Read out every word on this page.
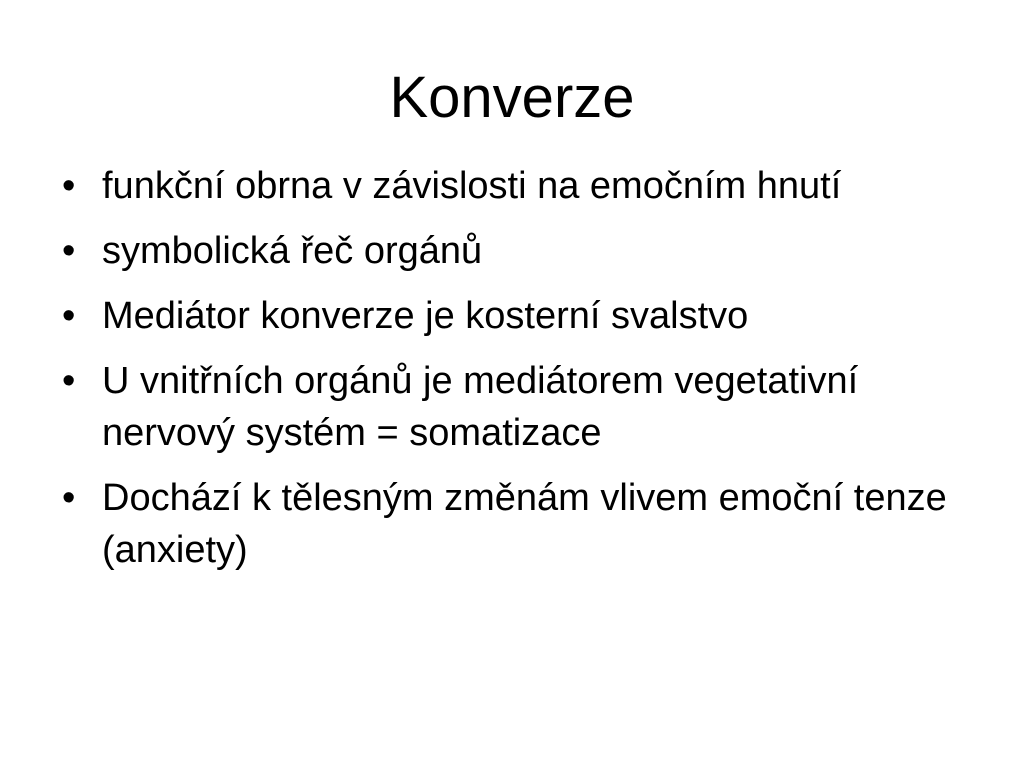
Konverze
• funkční obrna v závislosti na emočním hnutí
• symbolická řeč orgánů
• Mediátor konverze je kosterní svalstvo
• U vnitřních orgánů je mediátorem vegetativní nervový systém = somatizace
• Dochází k tělesným změnám vlivem emoční tenze (anxiety)
